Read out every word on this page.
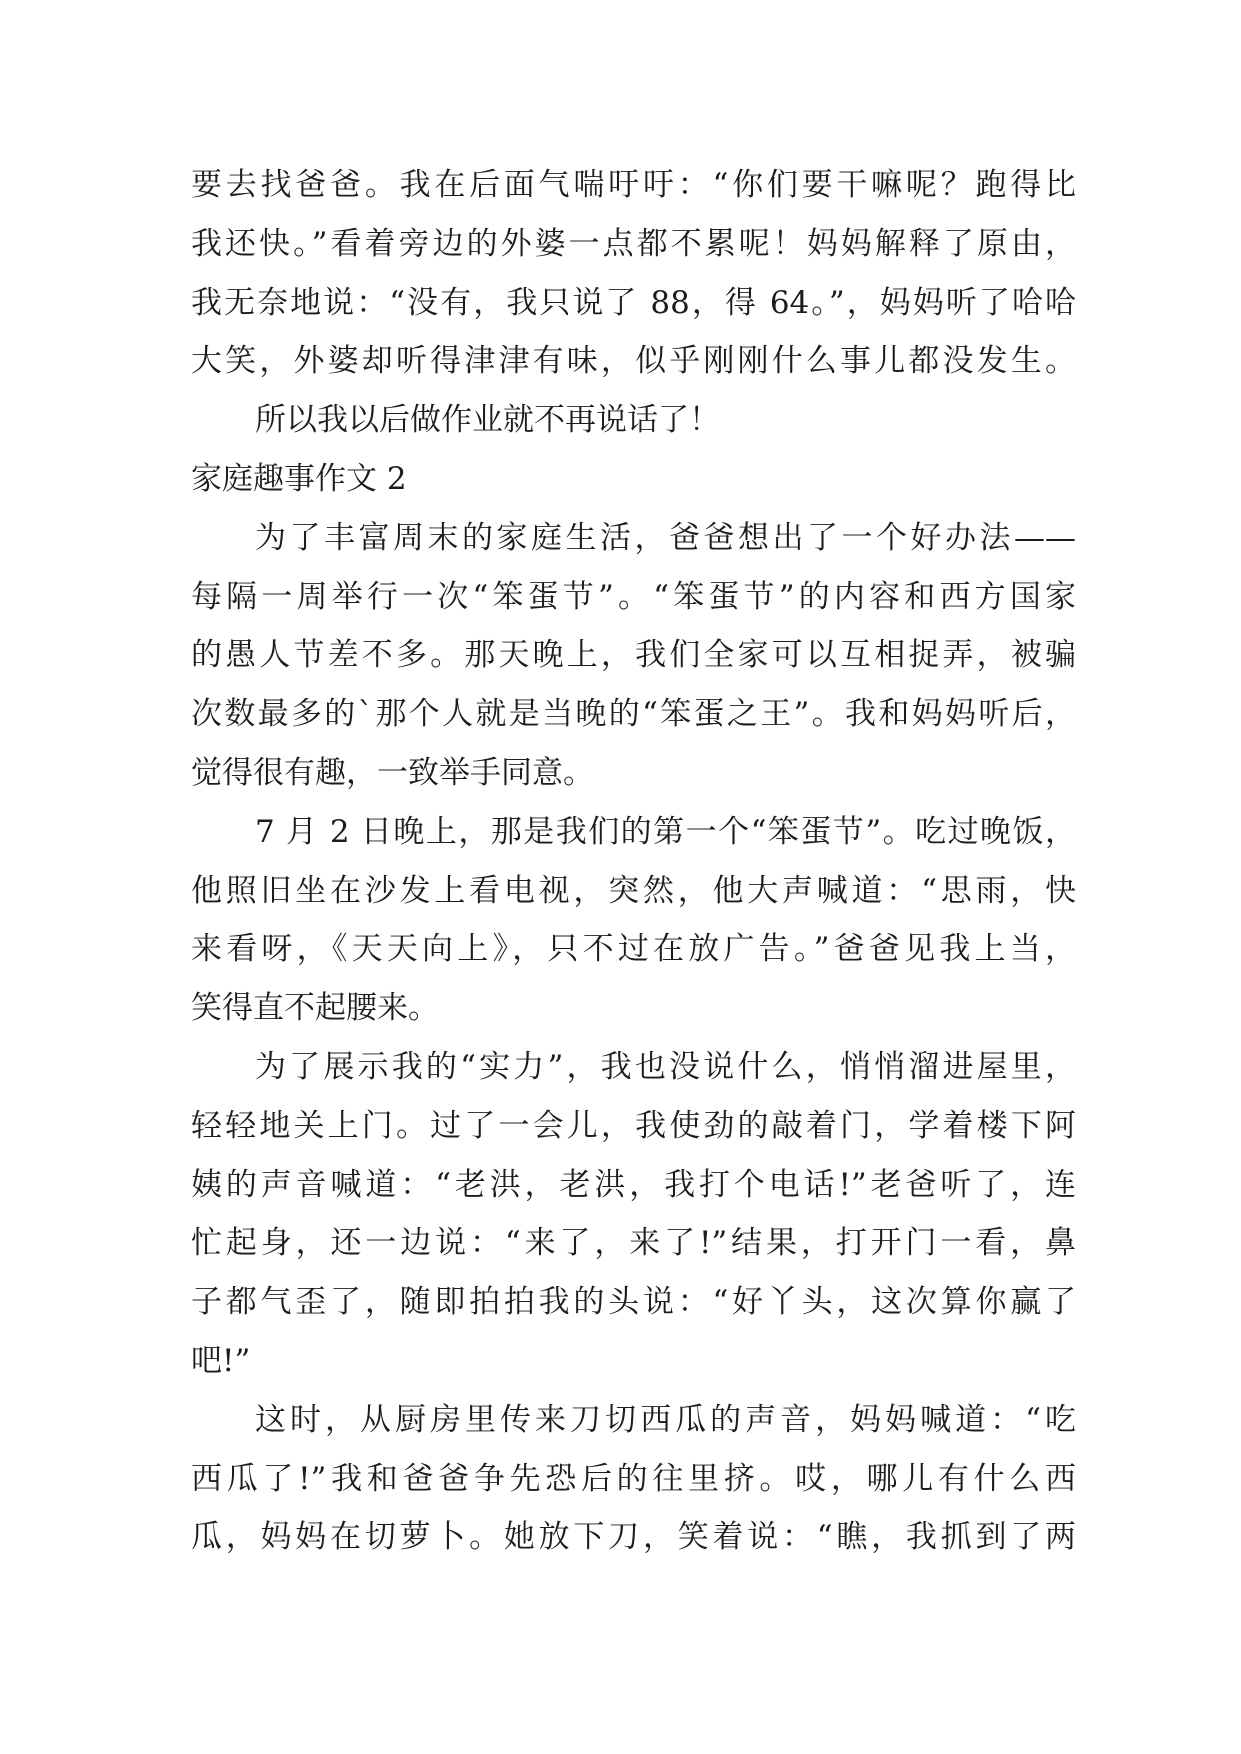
要去找爸爸。我在后面气喘吁吁：“你们要干嘛呢？跑得比
我还快。”看着旁边的外婆一点都不累呢！妈妈解释了原由，
我无奈地说：“没有，我只说了 88，得 64。”，妈妈听了哈哈
大笑，外婆却听得津津有味，似乎刚刚什么事儿都没发生。
所以我以后做作业就不再说话了！
家庭趣事作文 2
为了丰富周末的家庭生活，爸爸想出了一个好办法——
每隔一周举行一次“笨蛋节”。“笨蛋节”的内容和西方国家
的愚人节差不多。那天晚上，我们全家可以互相捉弄，被骗
次数最多的`那个人就是当晚的“笨蛋之王”。我和妈妈听后，
觉得很有趣，一致举手同意。
7 月 2 日晚上，那是我们的第一个“笨蛋节”。吃过晚饭，
他照旧坐在沙发上看电视，突然，他大声喊道：“思雨，快
来看呀，《天天向上》，只不过在放广告。”爸爸见我上当，
笑得直不起腰来。
为了展示我的“实力”，我也没说什么，悄悄溜进屋里，
轻轻地关上门。过了一会儿，我使劲的敲着门，学着楼下阿
姨的声音喊道：“老洪，老洪，我打个电话!”老爸听了，连
忙起身，还一边说：“来了，来了!”结果，打开门一看，鼻
子都气歪了，随即拍拍我的头说：“好丫头，这次算你赢了
吧!”
这时，从厨房里传来刀切西瓜的声音，妈妈喊道：“吃
西瓜了!”我和爸爸争先恐后的往里挤。哎，哪儿有什么西
瓜，妈妈在切萝卜。她放下刀，笑着说：“瞧，我抓到了两
